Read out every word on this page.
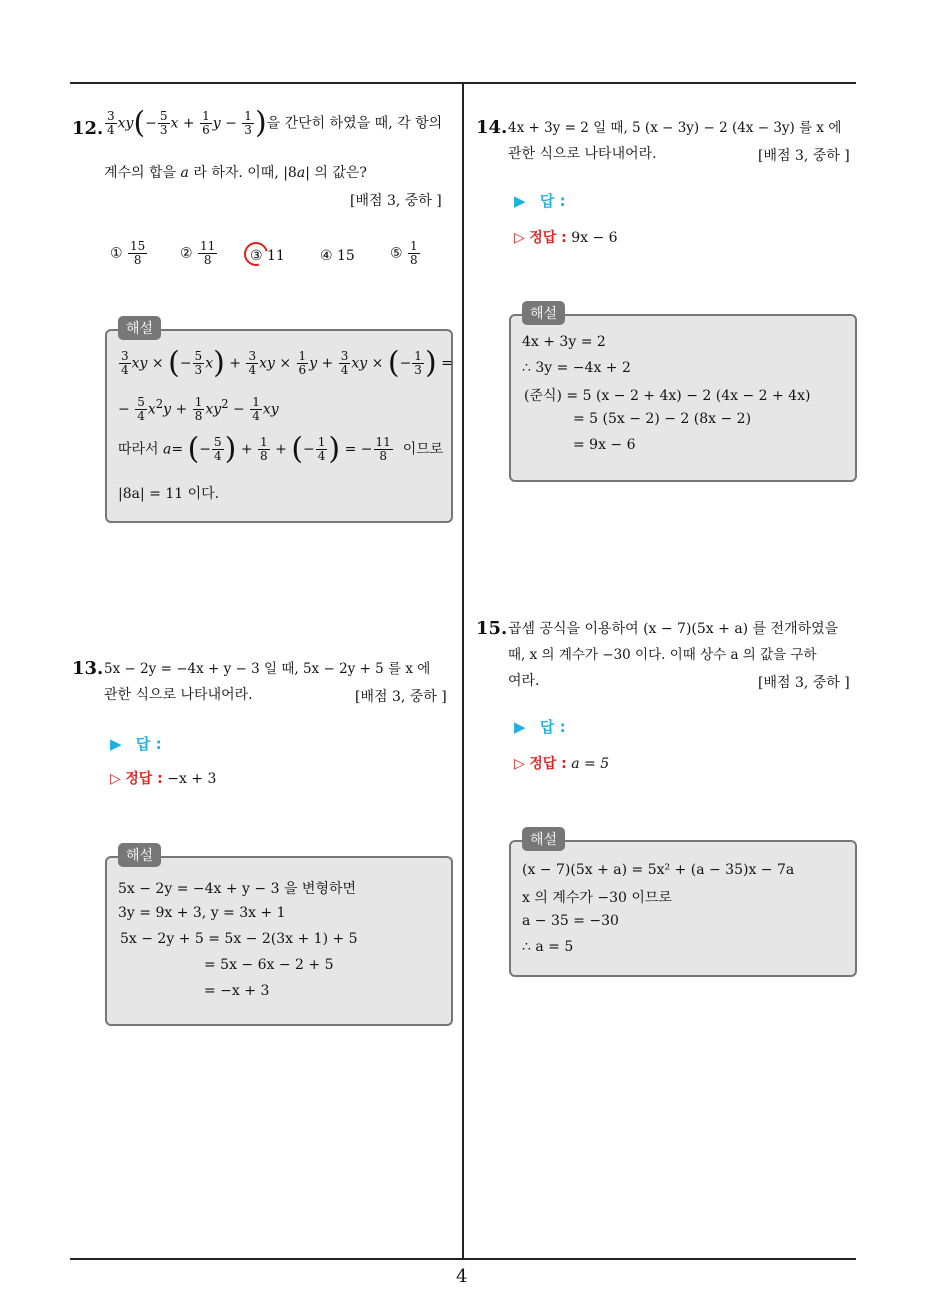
4
12. $\frac{3}{4} xy(- \frac{5}{3}$ $x + \frac{1}{6}$ $y - \frac{1}{3}$ )을 간단히 하였을 때, 각 항의
계수의 합을 a 라 하자. 이때, |8a| 의 값은?
[배점 3, 중하 ]
① $\frac{15}{8}$ ② $\frac{11}{8}$ ③ 11	④ 15	⑤ $\frac{1}{8}$
해설
$\frac{3}{4}$ xy × (− $\frac{5}{3} x) + \frac{3}{4}$ xy × $\frac{1}{6}$ $y + \frac{3}{4}$ xy × (− $\frac{1}{3}$ ) =
− $\frac{5}{4} x^2y + \frac{1}{8} xy^2 - \frac{1}{4}$ xy
따라서 a= (− $\frac{5}{4}$ ) + $\frac{1}{8}$ + (− $\frac{1}{4}$ ) = − $\frac{11}{8}$ 이므로
|8a| = 11 이다.
13. 5x − 2y = −4x + y − 3 일 때, 5x − 2y + 5 를 x 에
관한 식으로 나타내어라.	[배점 3, 중하 ]
▶ 답 :
▷ 정답 : −x + 3
해설
5x − 2y = −4x + y − 3 을 변형하면
3y = 9x + 3, y = 3x + 1
5x − 2y + 5 = 5x − 2(3x + 1) + 5
= 5x − 6x − 2 + 5
= −x + 3
14. 4x + 3y = 2 일 때, 5 (x − 3y) − 2 (4x − 3y) 를 x 에
관한 식으로 나타내어라.	[배점 3, 중하 ]
▶ 답 :
▷ 정답 : 9x − 6
해설
4x + 3y = 2
∴ 3y = −4x + 2
(준식) = 5 (x − 2 + 4x) − 2 (4x − 2 + 4x)
= 5 (5x − 2) − 2 (8x − 2)
= 9x − 6
15. 곱셈 공식을 이용하여 (x − 7)(5x + a) 를 전개하였을
때, x 의 계수가 −30 이다. 이때 상수 a 의 값을 구하
여라.	[배점 3, 중하 ]
▶ 답 :
▷ 정답 : a = 5
해설
(x − 7)(5x + a) = 5x² + (a − 35)x − 7a
x 의 계수가 −30 이므로
a − 35 = −30
∴ a = 5
